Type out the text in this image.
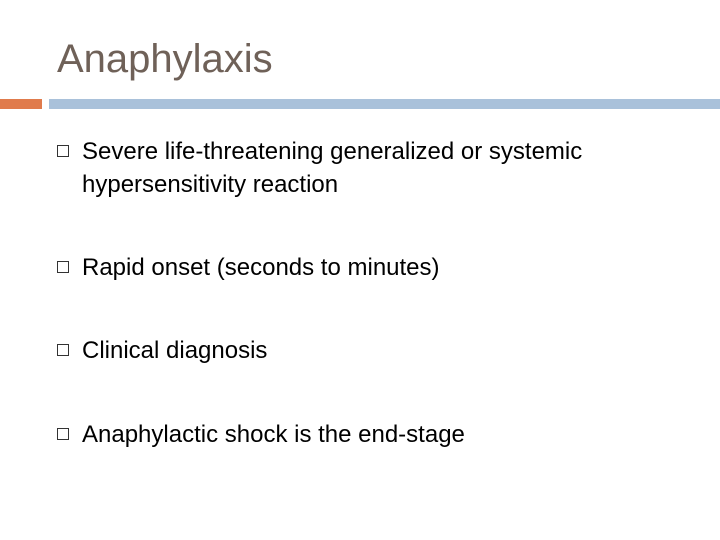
Anaphylaxis
Severe life-threatening generalized or systemic hypersensitivity reaction
Rapid onset (seconds to minutes)
Clinical diagnosis
Anaphylactic shock is the end-stage
